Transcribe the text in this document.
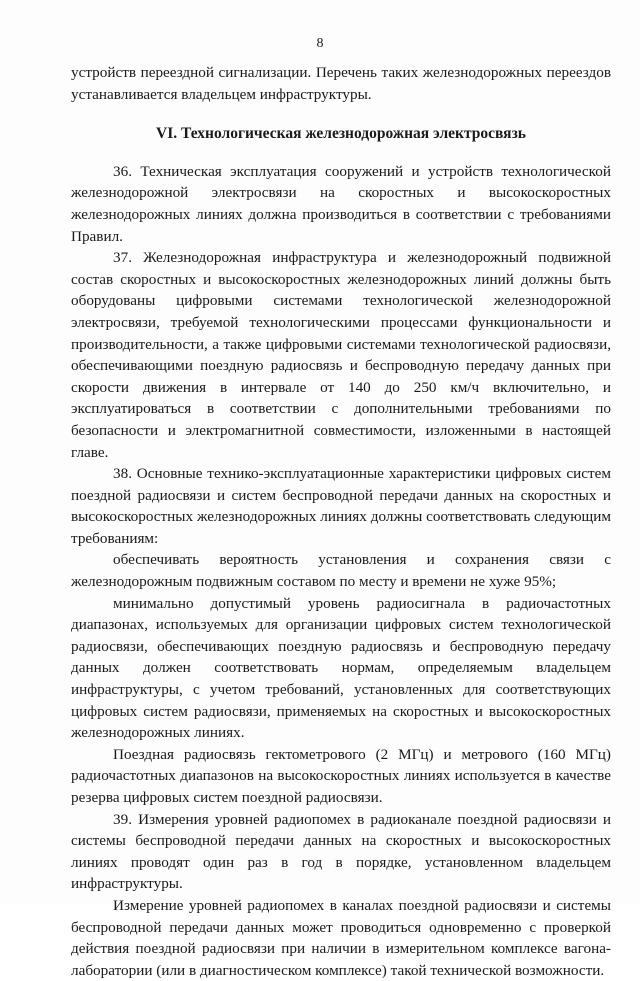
8

устройств переездной сигнализации. Перечень таких железнодорожных переездов устанавливается владельцем инфраструктуры.

VI. Технологическая железнодорожная электросвязь

36. Техническая эксплуатация сооружений и устройств технологической железнодорожной электросвязи на скоростных и высокоскоростных железнодорожных линиях должна производиться в соответствии с требованиями Правил.

37. Железнодорожная инфраструктура и железнодорожный подвижной состав скоростных и высокоскоростных железнодорожных линий должны быть оборудованы цифровыми системами технологической железнодорожной электросвязи, требуемой технологическими процессами функциональности и производительности, а также цифровыми системами технологической радиосвязи, обеспечивающими поездную радиосвязь и беспроводную передачу данных при скорости движения в интервале от 140 до 250 км/ч включительно, и эксплуатироваться в соответствии с дополнительными требованиями по безопасности и электромагнитной совместимости, изложенными в настоящей главе.

38. Основные технико-эксплуатационные характеристики цифровых систем поездной радиосвязи и систем беспроводной передачи данных на скоростных и высокоскоростных железнодорожных линиях должны соответствовать следующим требованиям:

обеспечивать вероятность установления и сохранения связи с железнодорожным подвижным составом по месту и времени не хуже 95%;

минимально допустимый уровень радиосигнала в радиочастотных диапазонах, используемых для организации цифровых систем технологической радиосвязи, обеспечивающих поездную радиосвязь и беспроводную передачу данных должен соответствовать нормам, определяемым владельцем инфраструктуры, с учетом требований, установленных для соответствующих цифровых систем радиосвязи, применяемых на скоростных и высокоскоростных железнодорожных линиях.

Поездная радиосвязь гектометрового (2 МГц) и метрового (160 МГц) радиочастотных диапазонов на высокоскоростных линиях используется в качестве резерва цифровых систем поездной радиосвязи.

39. Измерения уровней радиопомех в радиоканале поездной радиосвязи и системы беспроводной передачи данных на скоростных и высокоскоростных линиях проводят один раз в год в порядке, установленном владельцем инфраструктуры.

Измерение уровней радиопомех в каналах поездной радиосвязи и системы беспроводной передачи данных может проводиться одновременно с проверкой действия поездной радиосвязи при наличии в измерительном комплексе вагона-лаборатории (или в диагностическом комплексе) такой технической возможности.
